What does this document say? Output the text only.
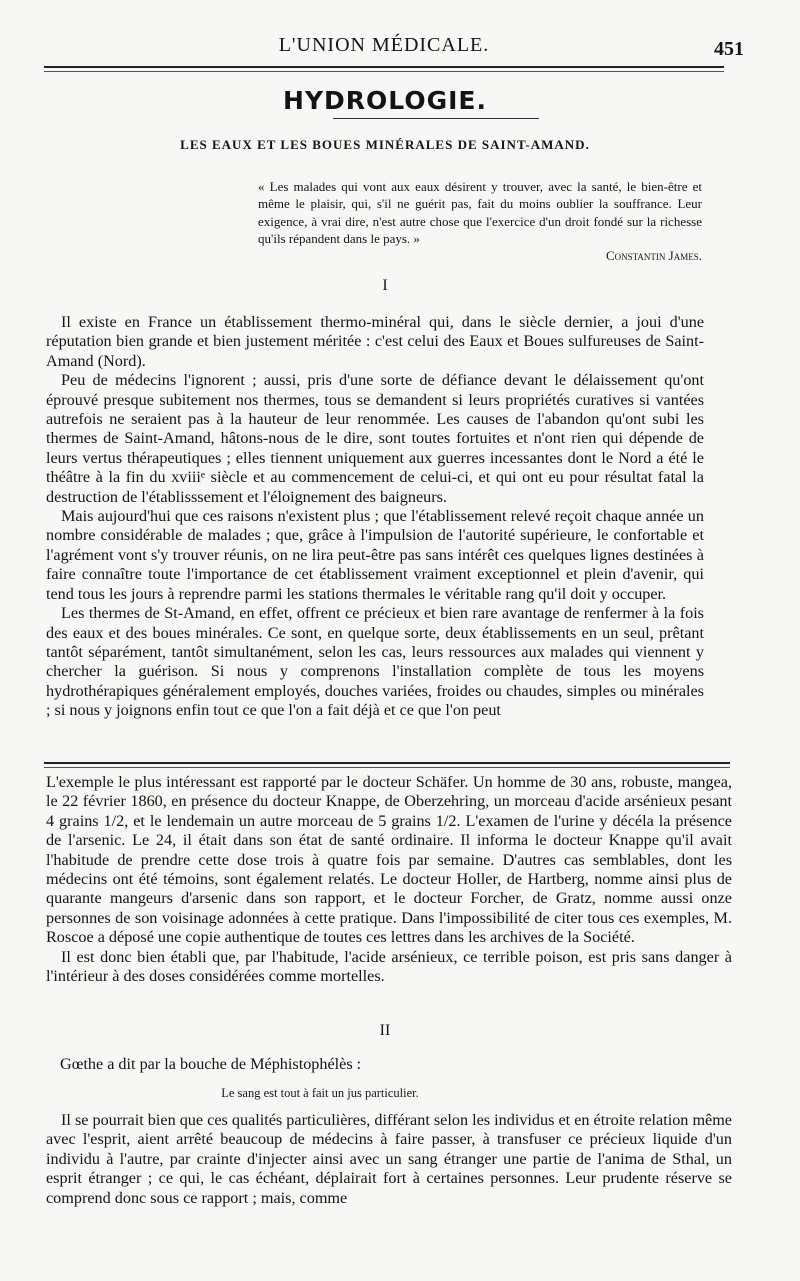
L'UNION MÉDICALE.	451
HYDROLOGIE.
LES EAUX ET LES BOUES MINÉRALES DE SAINT-AMAND.

« Les malades qui vont aux eaux désirent y trouver, avec la santé, le bien-être et même le plaisir, qui, s'il ne guérit pas, fait du moins oublier la souffrance. Leur exigence, à vrai dire, n'est autre chose que l'exercice d'un droit fondé sur la richesse qu'ils répandent dans le pays. »

Constantin James.

I

Il existe en France un établissement thermo-minéral qui, dans le siècle dernier, a joui d'une réputation bien grande et bien justement méritée : c'est celui des Eaux et Boues sulfureuses de Saint-Amand (Nord).

Peu de médecins l'ignorent ; aussi, pris d'une sorte de défiance devant le délaissement qu'ont éprouvé presque subitement nos thermes, tous se demandent si leurs propriétés curatives si vantées autrefois ne seraient pas à la hauteur de leur renommée. Les causes de l'abandon qu'ont subi les thermes de Saint-Amand, hâtons-nous de le dire, sont toutes fortuites et n'ont rien qui dépende de leurs vertus thérapeutiques ; elles tiennent uniquement aux guerres incessantes dont le Nord a été le théâtre à la fin du xviiiᵉ siècle et au commencement de celui-ci, et qui ont eu pour résultat fatal la destruction de l'établisssement et l'éloignement des baigneurs.

Mais aujourd'hui que ces raisons n'existent plus ; que l'établissement relevé reçoit chaque année un nombre considérable de malades ; que, grâce à l'impulsion de l'autorité supérieure, le confortable et l'agrément vont s'y trouver réunis, on ne lira peut-être pas sans intérêt ces quelques lignes destinées à faire connaître toute l'importance de cet établissement vraiment exceptionnel et plein d'avenir, qui tend tous les jours à reprendre parmi les stations thermales le véritable rang qu'il doit y occuper.

Les thermes de St-Amand, en effet, offrent ce précieux et bien rare avantage de renfermer à la fois des eaux et des boues minérales. Ce sont, en quelque sorte, deux établissements en un seul, prêtant tantôt séparément, tantôt simultanément, selon les cas, leurs ressources aux malades qui viennent y chercher la guérison. Si nous y comprenons l'installation complète de tous les moyens hydrothérapiques généralement employés, douches variées, froides ou chaudes, simples ou minérales ; si nous y joignons enfin tout ce que l'on a fait déjà et ce que l'on peut

L'exemple le plus intéressant est rapporté par le docteur Schäfer. Un homme de 30 ans, robuste, mangea, le 22 février 1860, en présence du docteur Knappe, de Oberzehring, un morceau d'acide arsénieux pesant 4 grains 1/2, et le lendemain un autre morceau de 5 grains 1/2. L'examen de l'urine y décéla la présence de l'arsenic. Le 24, il était dans son état de santé ordinaire. Il informa le docteur Knappe qu'il avait l'habitude de prendre cette dose trois à quatre fois par semaine. D'autres cas semblables, dont les médecins ont été témoins, sont également relatés. Le docteur Holler, de Hartberg, nomme ainsi plus de quarante mangeurs d'arsenic dans son rapport, et le docteur Forcher, de Gratz, nomme aussi onze personnes de son voisinage adonnées à cette pratique. Dans l'impossibilité de citer tous ces exemples, M. Roscoe a déposé une copie authentique de toutes ces lettres dans les archives de la Société.

Il est donc bien établi que, par l'habitude, l'acide arsénieux, ce terrible poison, est pris sans danger à l'intérieur à des doses considérées comme mortelles.

II
Gœthe a dit par la bouche de Méphistophélès :
Le sang est tout à fait un jus particulier.

Il se pourrait bien que ces qualités particulières, différant selon les individus et en étroite relation même avec l'esprit, aient arrêté beaucoup de médecins à faire passer, à transfuser ce précieux liquide d'un individu à l'autre, par crainte d'injecter ainsi avec un sang étranger une partie de l'anima de Sthal, un esprit étranger ; ce qui, le cas échéant, déplairait fort à certaines personnes. Leur prudente réserve se comprend donc sous ce rapport ; mais, comme
